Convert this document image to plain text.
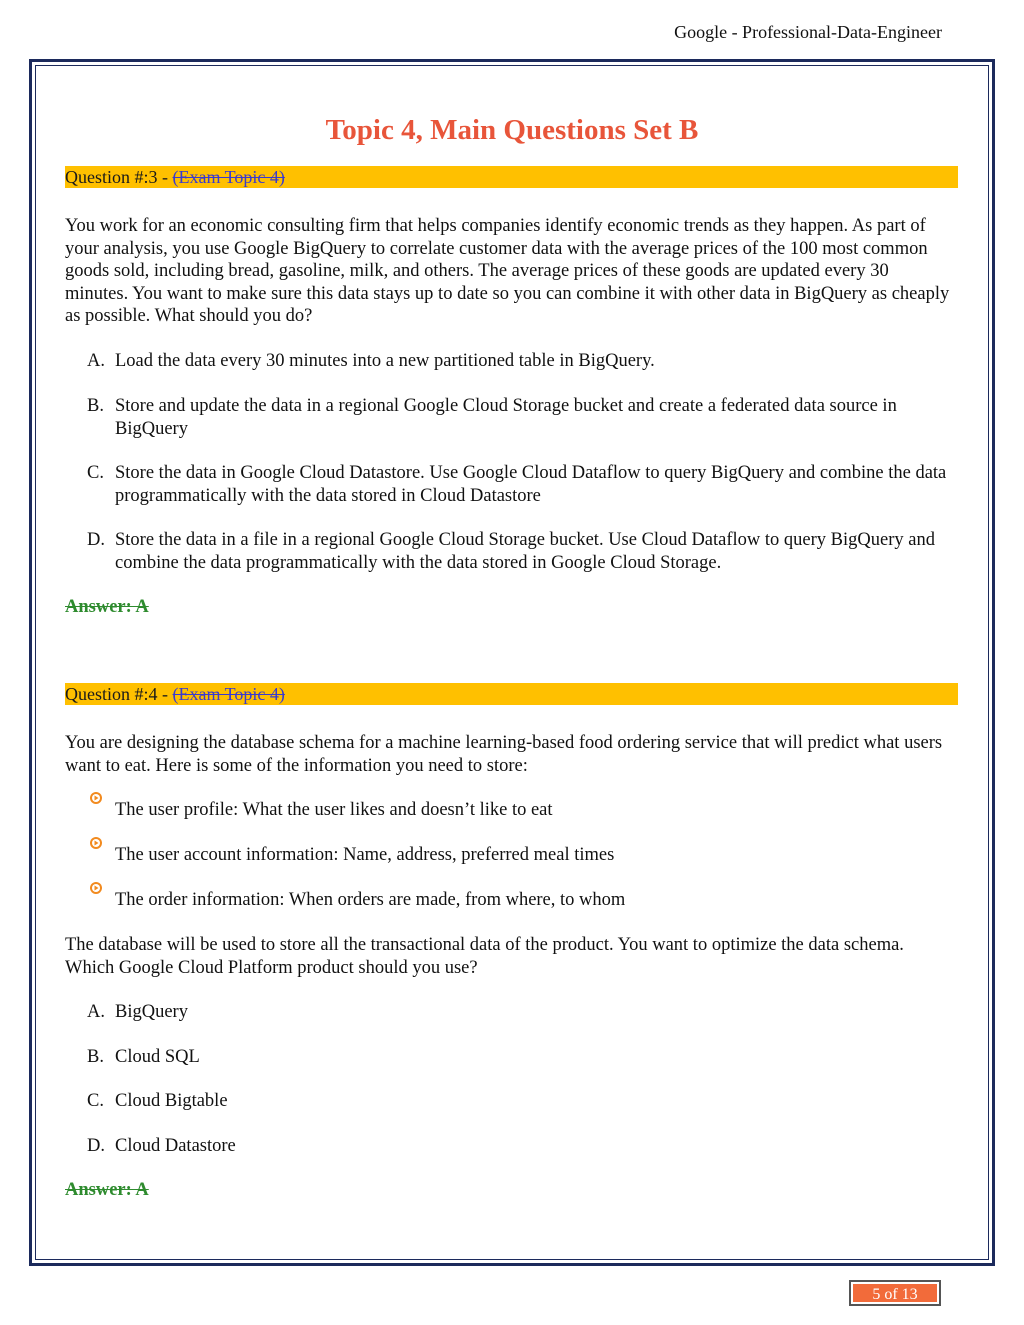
Google - Professional-Data-Engineer
Topic 4, Main Questions Set B
Question #:3 - (Exam Topic 4)
You work for an economic consulting firm that helps companies identify economic trends as they happen. As part of your analysis, you use Google BigQuery to correlate customer data with the average prices of the 100 most common goods sold, including bread, gasoline, milk, and others. The average prices of these goods are updated every 30 minutes. You want to make sure this data stays up to date so you can combine it with other data in BigQuery as cheaply as possible. What should you do?
A. Load the data every 30 minutes into a new partitioned table in BigQuery.
B. Store and update the data in a regional Google Cloud Storage bucket and create a federated data source in BigQuery
C. Store the data in Google Cloud Datastore. Use Google Cloud Dataflow to query BigQuery and combine the data programmatically with the data stored in Cloud Datastore
D. Store the data in a file in a regional Google Cloud Storage bucket. Use Cloud Dataflow to query BigQuery and combine the data programmatically with the data stored in Google Cloud Storage.
Answer: A
Question #:4 - (Exam Topic 4)
You are designing the database schema for a machine learning-based food ordering service that will predict what users want to eat. Here is some of the information you need to store:
The user profile: What the user likes and doesn’t like to eat
The user account information: Name, address, preferred meal times
The order information: When orders are made, from where, to whom
The database will be used to store all the transactional data of the product. You want to optimize the data schema. Which Google Cloud Platform product should you use?
A. BigQuery
B. Cloud SQL
C. Cloud Bigtable
D. Cloud Datastore
Answer: A
5 of 13
